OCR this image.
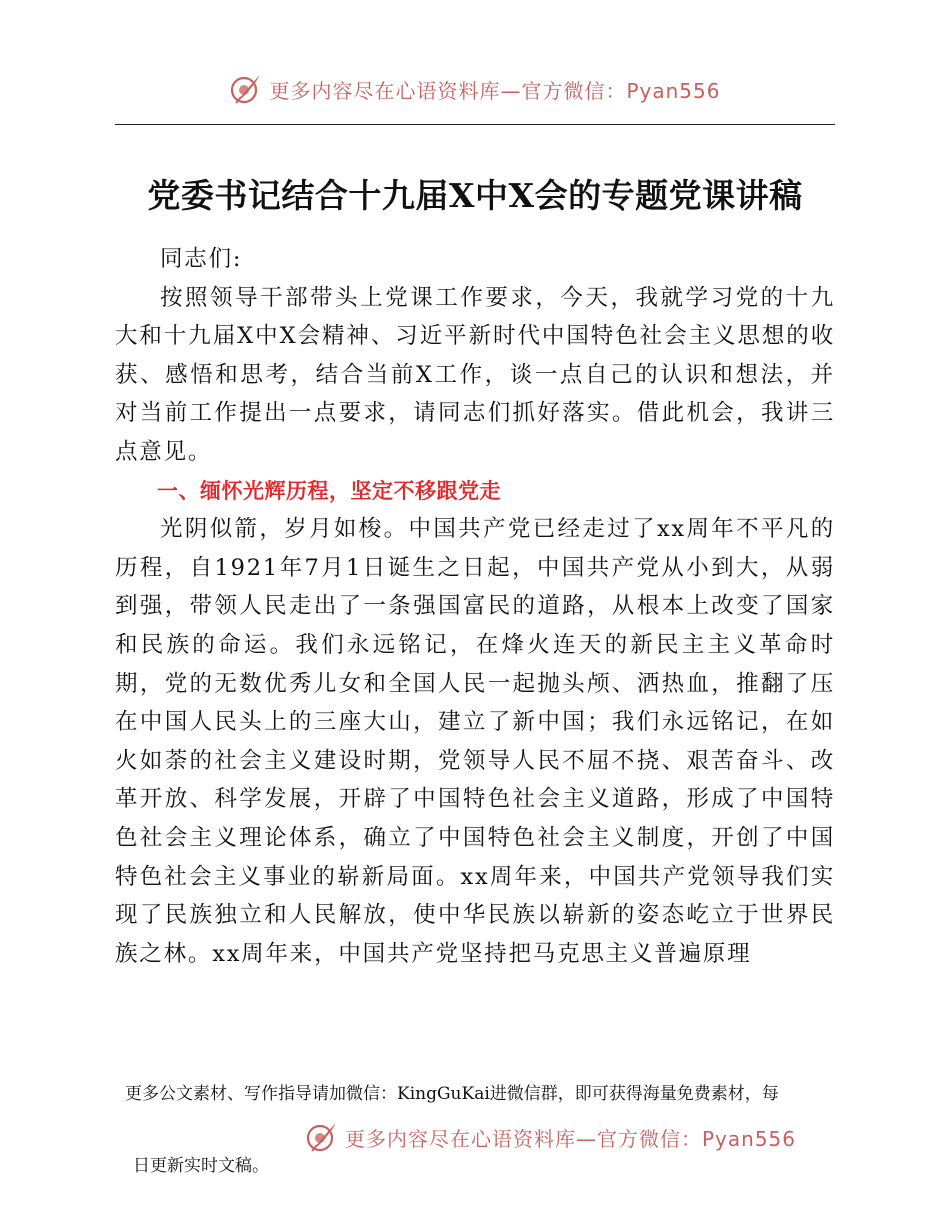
更多内容尽在心语资料库—官方微信：Pyan556
党委书记结合十九届X中X会的专题党课讲稿

同志们:

按照领导干部带头上党课工作要求，今天，我就学习党的十九大和十九届X中X会精神、习近平新时代中国特色社会主义思想的收获、感悟和思考，结合当前X工作，谈一点自己的认识和想法，并对当前工作提出一点要求，请同志们抓好落实。借此机会，我讲三点意见。

一、缅怀光辉历程，坚定不移跟党走

光阴似箭，岁月如梭。中国共产党已经走过了xx周年不平凡的历程，自1921年7月1日诞生之日起，中国共产党从小到大，从弱到强，带领人民走出了一条强国富民的道路，从根本上改变了国家和民族的命运。我们永远铭记，在烽火连天的新民主主义革命时期，党的无数优秀儿女和全国人民一起抛头颅、洒热血，推翻了压在中国人民头上的三座大山，建立了新中国；我们永远铭记，在如火如荼的社会主义建设时期，党领导人民不屈不挠、艰苦奋斗、改革开放、科学发展，开辟了中国特色社会主义道路，形成了中国特色社会主义理论体系，确立了中国特色社会主义制度，开创了中国特色社会主义事业的崭新局面。xx周年来，中国共产党领导我们实现了民族独立和人民解放，使中华民族以崭新的姿态屹立于世界民族之林。xx周年来，中国共产党坚持把马克思主义普遍原理

更多公文素材、写作指导请加微信：KingGuKai进微信群，即可获得海量免费素材，每
更多内容尽在心语资料库—官方微信：Pyan556
日更新实时文稿。
